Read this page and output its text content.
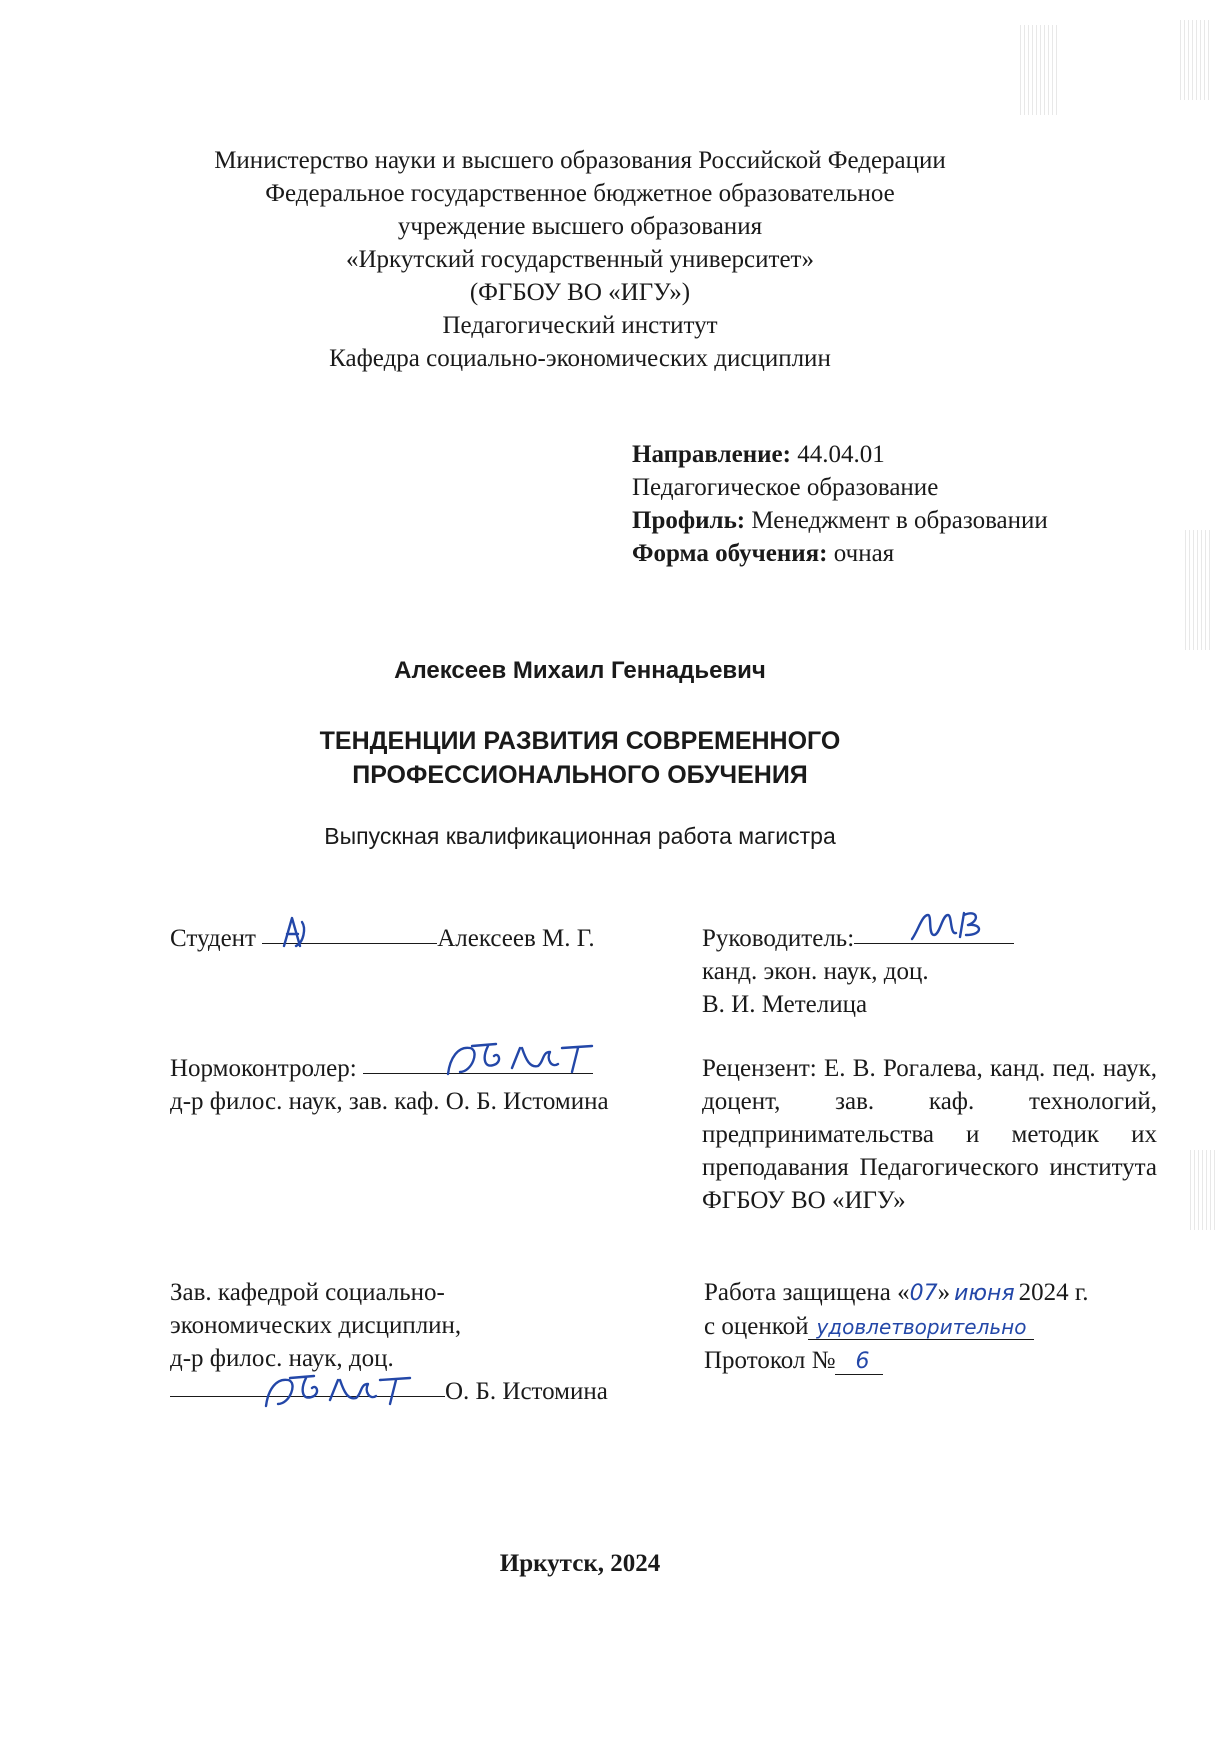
Министерство науки и высшего образования Российской Федерации
Федеральное государственное бюджетное образовательное
учреждение высшего образования
«Иркутский государственный университет»
(ФГБОУ ВО «ИГУ»)
Педагогический институт
Кафедра социально-экономических дисциплин
Направление: 44.04.01
Педагогическое образование
Профиль: Менеджмент в образовании
Форма обучения: очная
Алексеев Михаил Геннадьевич
ТЕНДЕНЦИИ РАЗВИТИЯ СОВРЕМЕННОГО
ПРОФЕССИОНАЛЬНОГО ОБУЧЕНИЯ
Выпускная квалификационная работа магистра
Студент	Алексеев М. Г.	Руководитель:
канд. экон. наук, доц.
В. И. Метелица
Нормоконтролер:
д-р филос. наук, зав. каф. О. Б. Истомина
Рецензент: Е. В. Рогалева, канд. пед. наук, доцент, зав. каф. технологий, предпринимательства и методик их преподавания Педагогического института ФГБОУ ВО «ИГУ»
Зав. кафедрой социально-
экономических дисциплин,
д-р филос. наук, доц.
О. Б. Истомина
Работа защищена «07» июня 2024 г.
с оценкой удовлетворительно
Протокол № 6
Иркутск, 2024
